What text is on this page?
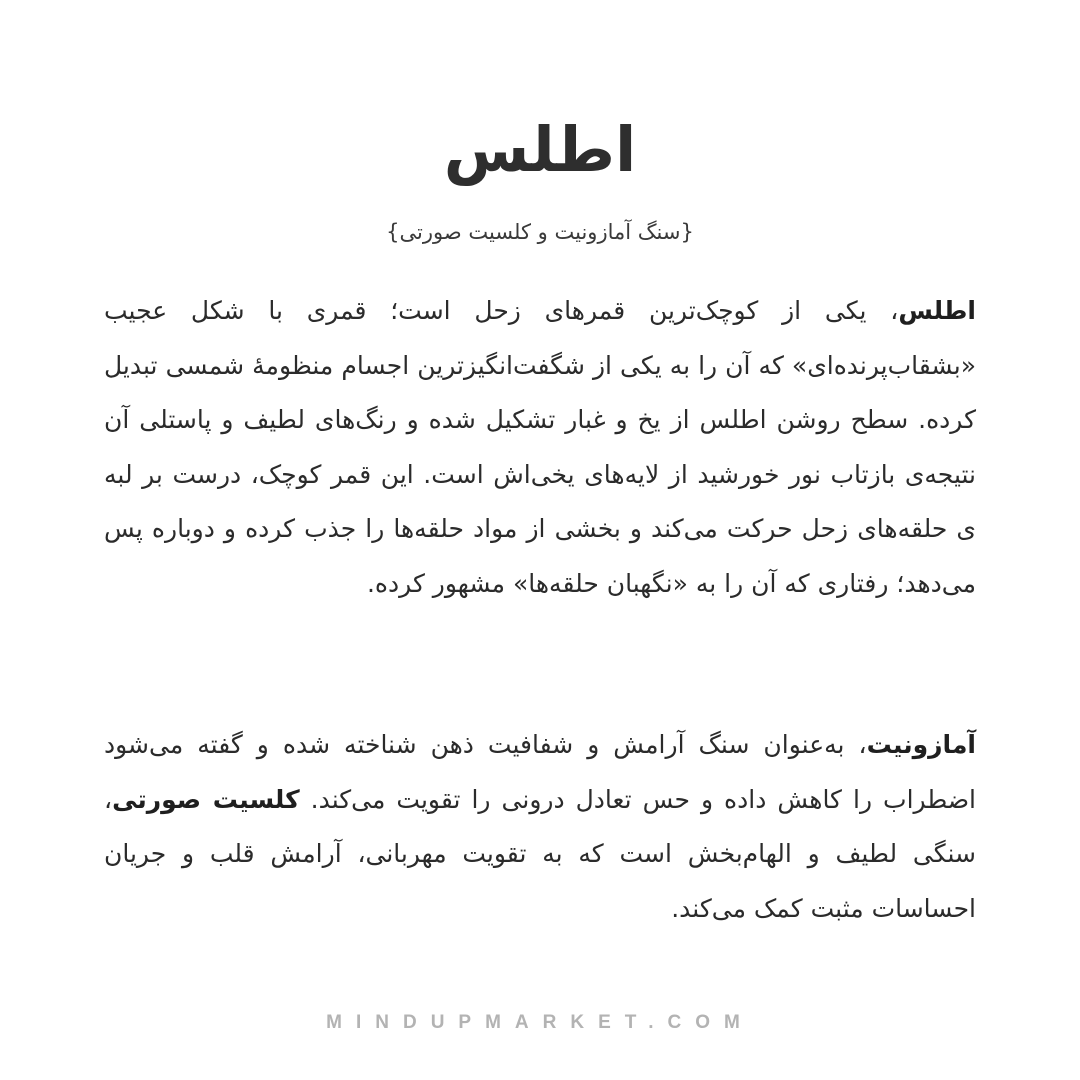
اطلس
{سنگ آمازونیت و کلسیت صورتی}

اطلس، یکی از کوچک‌ترین قمرهای زحل است؛ قمری با شکل عجیب «بشقاب‌پرنده‌ای» که آن را به یکی از شگفت‌انگیزترین اجسام منظومهٔ شمسی تبدیل کرده. سطح روشن اطلس از یخ و غبار تشکیل شده و رنگ‌های لطیف و پاستلی آن نتیجه‌ی بازتاب نور خورشید از لایه‌های یخی‌اش است. این قمر کوچک، درست بر لبه ی حلقه‌های زحل حرکت می‌کند و بخشی از مواد حلقه‌ها را جذب کرده و دوباره پس می‌دهد؛ رفتاری که آن را به «نگهبان حلقه‌ها» مشهور کرده.

آمازونیت، به‌عنوان سنگ آرامش و شفافیت ذهن شناخته شده و گفته می‌شود اضطراب را کاهش داده و حس تعادل درونی را تقویت می‌کند. کلسیت صورتی، سنگی لطیف و الهام‌بخش است که به تقویت مهربانی، آرامش قلب و جریان احساسات مثبت کمک می‌کند.

MINDUPMARKET.COM
